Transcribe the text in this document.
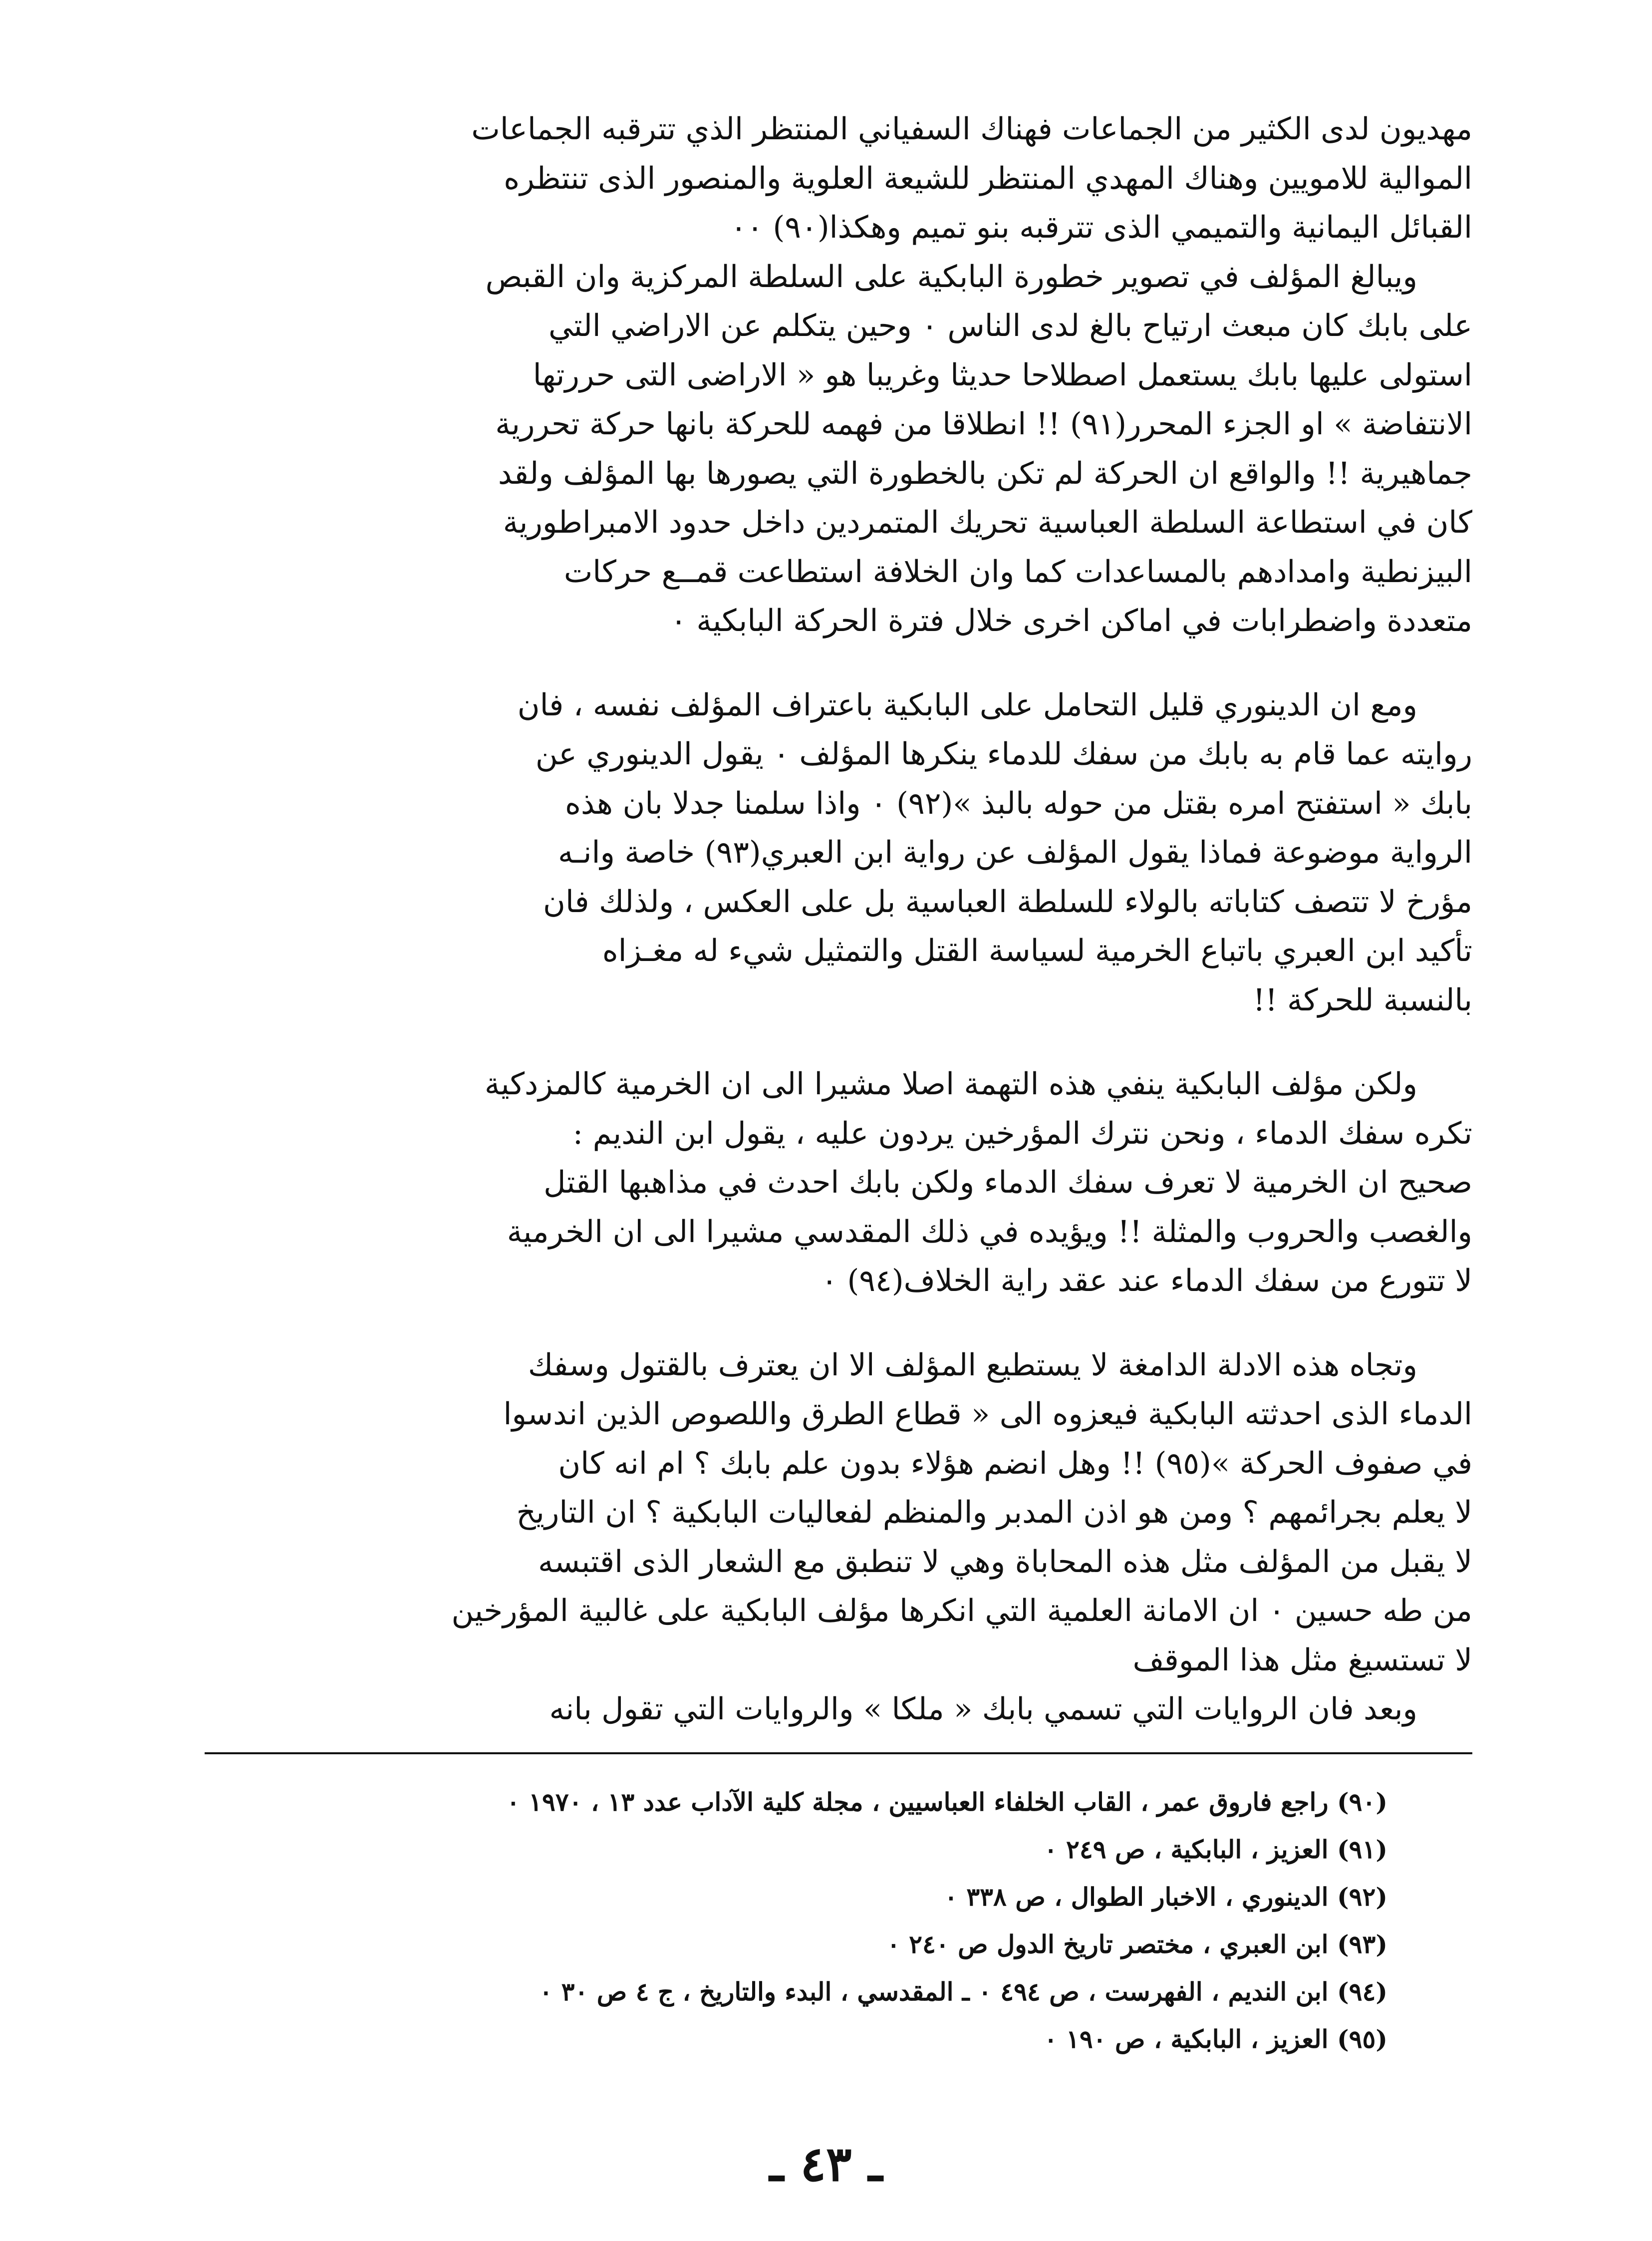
مهديون لدى الكثير من الجماعات فهناك السفياني المنتظر الذي تترقبه الجماعات
الموالية للامويين وهناك المهدي المنتظر للشيعة العلوية والمنصور الذى تنتظره
القبائل اليمانية والتميمي الذى تترقبه بنو تميم وهكذا(٩٠) ٠٠
ويبالغ المؤلف في تصوير خطورة البابكية على السلطة المركزية وان القبص
على بابك كان مبعث ارتياح بالغ لدى الناس ٠ وحين يتكلم عن الاراضي التي
استولى عليها بابك يستعمل اصطلاحا حديثا وغريبا هو « الاراضى التى حررتها
الانتفاضة » او الجزء المحرر(٩١) !! انطلاقا من فهمه للحركة بانها حركة تحررية
جماهيرية !! والواقع ان الحركة لم تكن بالخطورة التي يصورها بها المؤلف ولقد
كان في استطاعة السلطة العباسية تحريك المتمردين داخل حدود الامبراطورية
البيزنطية وامدادهم بالمساعدات كما وان الخلافة استطاعت قمــع حركات
متعددة واضطرابات في اماكن اخرى خلال فترة الحركة البابكية ٠
ومع ان الدينوري قليل التحامل على البابكية باعتراف المؤلف نفسه ، فان
روايته عما قام به بابك من سفك للدماء ينكرها المؤلف ٠ يقول الدينوري عن
بابك « استفتح امره بقتل من حوله بالبذ »(٩٢) ٠ واذا سلمنا جدلا بان هذه
الرواية موضوعة فماذا يقول المؤلف عن رواية ابن العبري(٩٣) خاصة وانـه
مؤرخ لا تتصف كتاباته بالولاء للسلطة العباسية بل على العكس ، ولذلك فان
تأكيد ابن العبري باتباع الخرمية لسياسة القتل والتمثيل شيء له مغـزاه
بالنسبة للحركة !!
ولكن مؤلف البابكية ينفي هذه التهمة اصلا مشيرا الى ان الخرمية كالمزدكية
تكره سفك الدماء ، ونحن نترك المؤرخين يردون عليه ، يقول ابن النديم :
صحيح ان الخرمية لا تعرف سفك الدماء ولكن بابك احدث في مذاهبها القتل
والغصب والحروب والمثلة !! ويؤيده في ذلك المقدسي مشيرا الى ان الخرمية
لا تتورع من سفك الدماء عند عقد راية الخلاف(٩٤) ٠
وتجاه هذه الادلة الدامغة لا يستطيع المؤلف الا ان يعترف بالقتول وسفك
الدماء الذى احدثته البابكية فيعزوه الى « قطاع الطرق واللصوص الذين اندسوا
في صفوف الحركة »(٩٥) !! وهل انضم هؤلاء بدون علم بابك ؟ ام انه كان
لا يعلم بجرائمهم ؟ ومن هو اذن المدبر والمنظم لفعاليات البابكية ؟ ان التاريخ
لا يقبل من المؤلف مثل هذه المحاباة وهي لا تنطبق مع الشعار الذى اقتبسه
من طه حسين ٠ ان الامانة العلمية التي انكرها مؤلف البابكية على غالبية المؤرخين
لا تستسيغ مثل هذا الموقف
وبعد فان الروايات التي تسمي بابك « ملكا » والروايات التي تقول بانه
(٩٠) راجع فاروق عمر ، القاب الخلفاء العباسيين ، مجلة كلية الآداب عدد ١٣ ، ١٩٧٠ ٠
(٩١) العزيز ، البابكية ، ص ٢٤٩ ٠
(٩٢) الدينوري ، الاخبار الطوال ، ص ٣٣٨ ٠
(٩٣) ابن العبري ، مختصر تاريخ الدول ص ٢٤٠ ٠
(٩٤) ابن النديم ، الفهرست ، ص ٤٩٤ ٠ ـ المقدسي ، البدء والتاريخ ، ج ٤ ص ٣٠ ٠
(٩٥) العزيز ، البابكية ، ص ١٩٠ ٠
ـ ٤٣ ـ
